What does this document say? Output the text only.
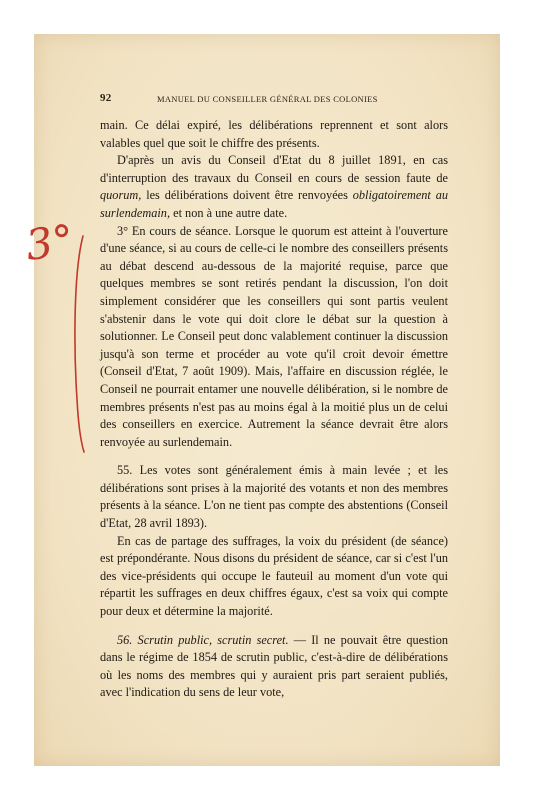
92	MANUEL DU CONSEILLER GÉNÉRAL DES COLONIES
3°

main. Ce délai expiré, les délibérations reprennent et sont alors valables quel que soit le chiffre des présents.

D'après un avis du Conseil d'Etat du 8 juillet 1891, en cas d'interruption des travaux du Conseil en cours de session faute de quorum, les délibérations doivent être renvoyées obligatoirement au surlendemain, et non à une autre date.

3° En cours de séance. Lorsque le quorum est atteint à l'ouverture d'une séance, si au cours de celle-ci le nombre des conseillers présents au débat descend au-dessous de la majorité requise, parce que quelques membres se sont retirés pendant la discussion, l'on doit simplement considérer que les conseillers qui sont partis veulent s'abstenir dans le vote qui doit clore le débat sur la question à solutionner. Le Conseil peut donc valablement continuer la discussion jusqu'à son terme et procéder au vote qu'il croit devoir émettre (Conseil d'Etat, 7 août 1909). Mais, l'affaire en discussion réglée, le Conseil ne pourrait entamer une nouvelle délibération, si le nombre de membres présents n'est pas au moins égal à la moitié plus un de celui des conseillers en exercice. Autrement la séance devrait être alors renvoyée au surlendemain.

55. Les votes sont généralement émis à main levée ; et les délibérations sont prises à la majorité des votants et non des membres présents à la séance. L'on ne tient pas compte des abstentions (Conseil d'Etat, 28 avril 1893).

En cas de partage des suffrages, la voix du président (de séance) est prépondérante. Nous disons du président de séance, car si c'est l'un des vice-présidents qui occupe le fauteuil au moment d'un vote qui répartit les suffrages en deux chiffres égaux, c'est sa voix qui compte pour deux et détermine la majorité.

56. Scrutin public, scrutin secret. — Il ne pouvait être question dans le régime de 1854 de scrutin public, c'est-à-dire de délibérations où les noms des membres qui y auraient pris part seraient publiés, avec l'indication du sens de leur vote,
